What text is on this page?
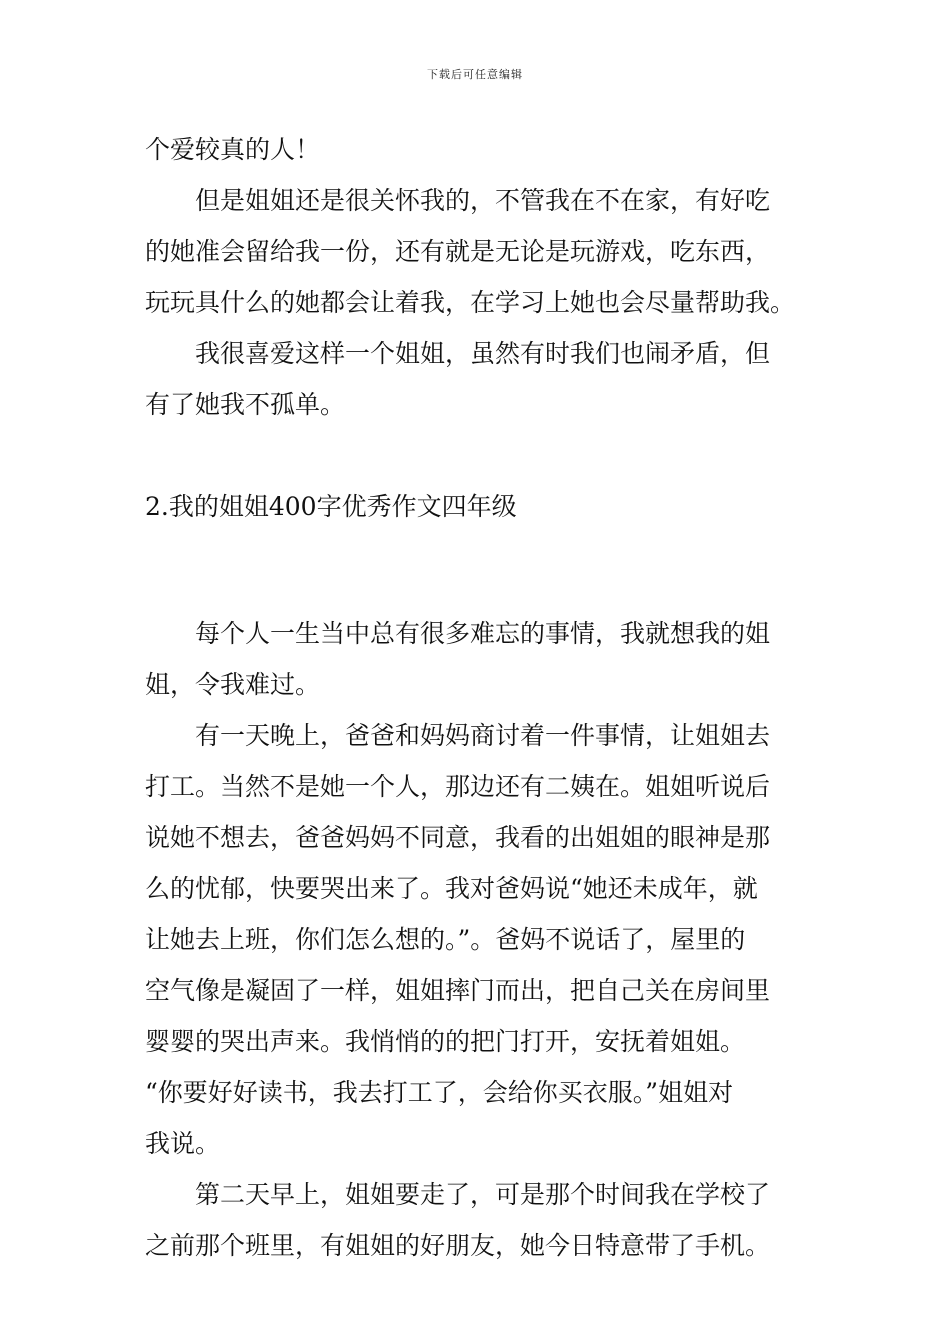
下载后可任意编辑

个爱较真的人！

但是姐姐还是很关怀我的，不管我在不在家，有好吃
的她准会留给我一份，还有就是无论是玩游戏，吃东西，
玩玩具什么的她都会让着我，在学习上她也会尽量帮助我。
我很喜爱这样一个姐姐，虽然有时我们也闹矛盾，但
有了她我不孤单。
2.我的姐姐400字优秀作文四年级
每个人一生当中总有很多难忘的事情，我就想我的姐
姐，令我难过。
有一天晚上，爸爸和妈妈商讨着一件事情，让姐姐去
打工。当然不是她一个人，那边还有二姨在。姐姐听说后
说她不想去，爸爸妈妈不同意，我看的出姐姐的眼神是那
么的忧郁，快要哭出来了。我对爸妈说“她还未成年，就
让她去上班，你们怎么想的。”。爸妈不说话了，屋里的
空气像是凝固了一样，姐姐摔门而出，把自己关在房间里
婴婴的哭出声来。我悄悄的的把门打开，安抚着姐姐。
“你要好好读书，我去打工了，会给你买衣服。”姐姐对
我说。
第二天早上，姐姐要走了，可是那个时间我在学校了
之前那个班里，有姐姐的好朋友，她今日特意带了手机。
